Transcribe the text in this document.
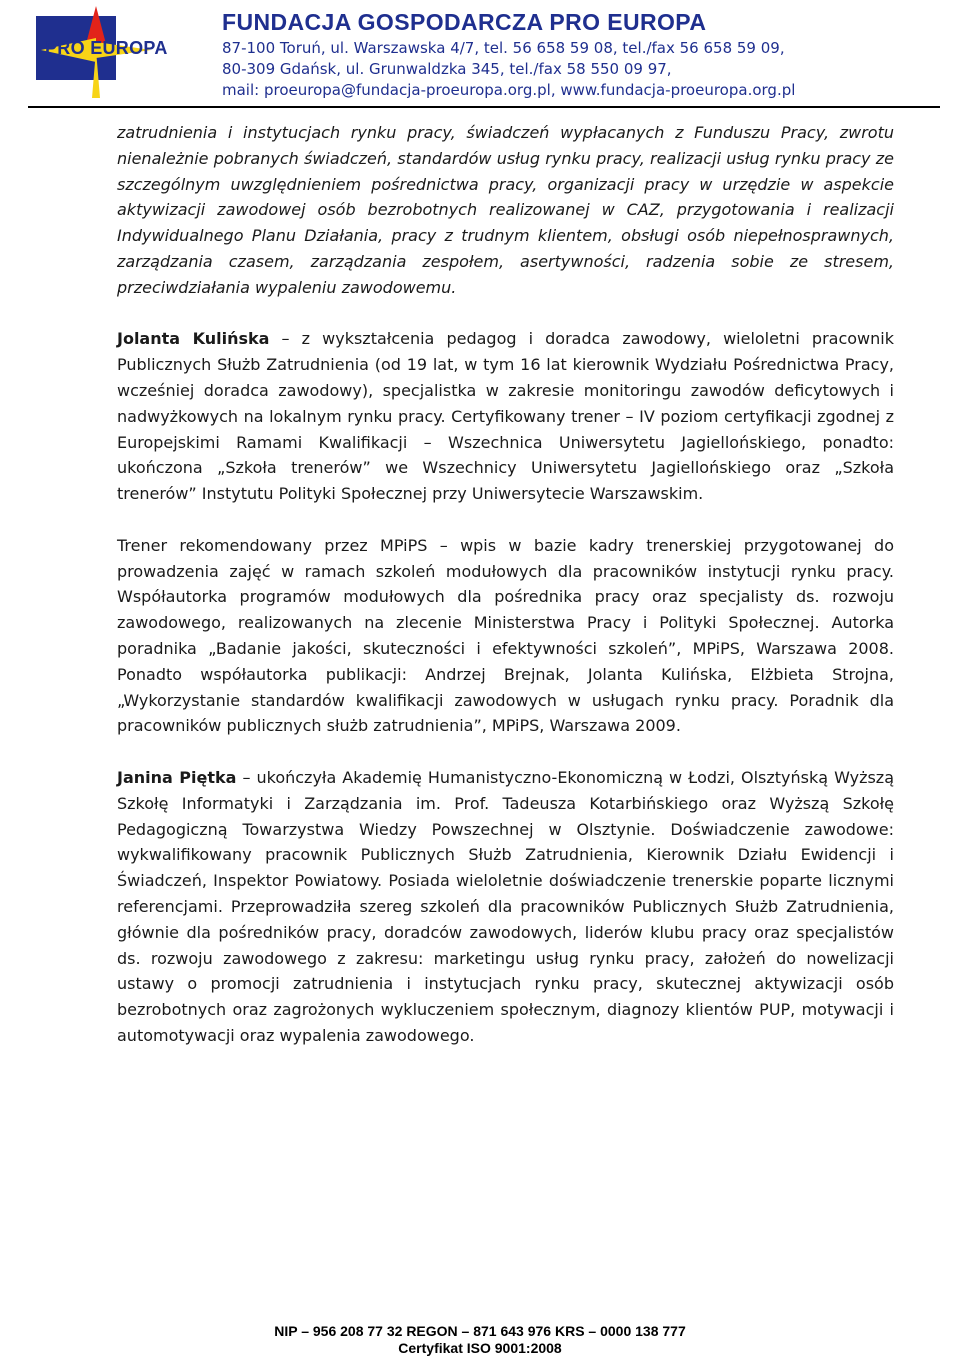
PRO EUROPA
FUNDACJA GOSPODARCZA PRO EUROPA
87-100 Toruń, ul. Warszawska 4/7, tel. 56 658 59 08, tel./fax 56 658 59 09,
80-309 Gdańsk, ul. Grunwaldzka 345, tel./fax 58 550 09 97,
mail: proeuropa@fundacja-proeuropa.org.pl, www.fundacja-proeuropa.org.pl

zatrudnienia i instytucjach rynku pracy, świadczeń wypłacanych z Funduszu Pracy, zwrotu nienależnie pobranych świadczeń, standardów usług rynku pracy, realizacji usług rynku pracy ze szczególnym uwzględnieniem pośrednictwa pracy, organizacji pracy w urzędzie w aspekcie aktywizacji zawodowej osób bezrobotnych realizowanej w CAZ, przygotowania i realizacji Indywidualnego Planu Działania, pracy z trudnym klientem, obsługi osób niepełnosprawnych, zarządzania czasem, zarządzania zespołem, asertywności, radzenia sobie ze stresem, przeciwdziałania wypaleniu zawodowemu.

Jolanta Kulińska – z wykształcenia pedagog i doradca zawodowy, wieloletni pracownik Publicznych Służb Zatrudnienia (od 19 lat, w tym 16 lat kierownik Wydziału Pośrednictwa Pracy, wcześniej doradca zawodowy), specjalistka w zakresie monitoringu zawodów deficytowych i nadwyżkowych na lokalnym rynku pracy. Certyfikowany trener – IV poziom certyfikacji zgodnej z Europejskimi Ramami Kwalifikacji – Wszechnica Uniwersytetu Jagiellońskiego, ponadto: ukończona „Szkoła trenerów” we Wszechnicy Uniwersytetu Jagiellońskiego oraz „Szkoła trenerów” Instytutu Polityki Społecznej przy Uniwersytecie Warszawskim.

Trener rekomendowany przez MPiPS – wpis w bazie kadry trenerskiej przygotowanej do prowadzenia zajęć w ramach szkoleń modułowych dla pracowników instytucji rynku pracy. Współautorka programów modułowych dla pośrednika pracy oraz specjalisty ds. rozwoju zawodowego, realizowanych na zlecenie Ministerstwa Pracy i Polityki Społecznej. Autorka poradnika „Badanie jakości, skuteczności i efektywności szkoleń”, MPiPS, Warszawa 2008. Ponadto współautorka publikacji: Andrzej Brejnak, Jolanta Kulińska, Elżbieta Strojna, „Wykorzystanie standardów kwalifikacji zawodowych w usługach rynku pracy. Poradnik dla pracowników publicznych służb zatrudnienia”, MPiPS, Warszawa 2009.

Janina Piętka – ukończyła Akademię Humanistyczno-Ekonomiczną w Łodzi, Olsztyńską Wyższą Szkołę Informatyki i Zarządzania im. Prof. Tadeusza Kotarbińskiego oraz Wyższą Szkołę Pedagogiczną Towarzystwa Wiedzy Powszechnej w Olsztynie. Doświadczenie zawodowe: wykwalifikowany pracownik Publicznych Służb Zatrudnienia, Kierownik Działu Ewidencji i Świadczeń, Inspektor Powiatowy. Posiada wieloletnie doświadczenie trenerskie poparte licznymi referencjami. Przeprowadziła szereg szkoleń dla pracowników Publicznych Służb Zatrudnienia, głównie dla pośredników pracy, doradców zawodowych, liderów klubu pracy oraz specjalistów ds. rozwoju zawodowego z zakresu: marketingu usług rynku pracy, założeń do nowelizacji ustawy o promocji zatrudnienia i instytucjach rynku pracy, skutecznej aktywizacji osób bezrobotnych oraz zagrożonych wykluczeniem społecznym, diagnozy klientów PUP, motywacji i automotywacji oraz wypalenia zawodowego.

NIP – 956 208 77 32 REGON – 871 643 976 KRS – 0000 138 777
Certyfikat ISO 9001:2008
